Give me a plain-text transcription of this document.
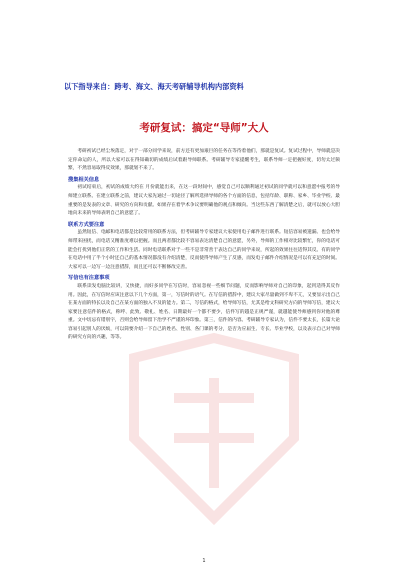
以下指导来自：跨考、海文、海天考研辅导机构内部资料
考研复试：搞定“导师”大人

考研初试已经尘埃落定，对于一部分同学来说，前方还有更加艰巨的任务在等待着他们，那就是复试。复试过程中，导师就是决定你命运的人，所以大家可以在得知确切的成绩后试着跟导师联系。考研辅导专家提醒考生，联系导师一定把握好度，切勿太过频繁，不然容易取得反效果，那就划不来了。

搜集相关信息

初试结束后，初试的成绩大约在 月份就能出来，在这一段时间中，感觉自己可以顺利通过初试的同学就可以和意愿中报考的导师建立联系。在建立联系之前，建议大家先通过一切途径了解所选择导师的各个方面的信息，包括年龄、职称、家乡、毕业学校、最重要的是发表的文章、研究的方向和贡献。如果存在着学术争议要明确他的观点和倾向。当这些东西了解清楚之后，就可以放心大胆地向未来的导师表明自己的意愿了。

联系方式要注意

虽然短信、电邮和电话都是比较常用的联系方法，但考研辅导专家建议大家使用电子邮件进行联系。短信容易被遗漏、也会给导师带来困扰，而电话又精准度难以把握。而且两者都比较不容易表达清楚自己的意愿，另外，导师的工作相对比较繁忙，你的电话可能会打扰到他们正常的工作和生活。同时电话联系对于一些不是非常善于表达自己的同学来说，所起的效果往往适得其反。有的同学在电话中用了半个小时还自己的基本情况都没有介绍清楚，反而使得导师产生了反感，而发电子邮件介绍情况是可以有充足的时间。大家可以一边写一边注意措辞，而且还可以不断修改完善。

写信也有注意事项

联系读发电脑比较讲，又快捷，而好多同学在写信时，容易忽视一些细节问题，反而影响导师对自己的印象，起到适得其反作用。因此，在写信时应该注意以下几个方面，第一，写信时的语气。在写信的措辞中，建议大家尽量做到不卑不亢，又要显示出自己在某方面的特长以及自己在某方面的独入不及的能力。第二，写信的格式，给导师写信，尤其是给文科研究方向的导师写信，建议大家要注意信件的格式，称呼、此致、敬礼、姓名、日期最好一个都不要少，信件写的越是正规严谨，就越能使导师感到你对他的尊重。文中切忌有错别字，否则会给导师留下治学不严谨的坏印象。第三，信件的内容。考研辅导专家认为，信件不要太长，长篇大论容易引起别人的厌烦，可以简要介绍一下自己的姓名、性别、各门课的考分，是否为应届生、专长、毕业学校，以及表示自己对导师的研究方向的兴趣，等等。

1
